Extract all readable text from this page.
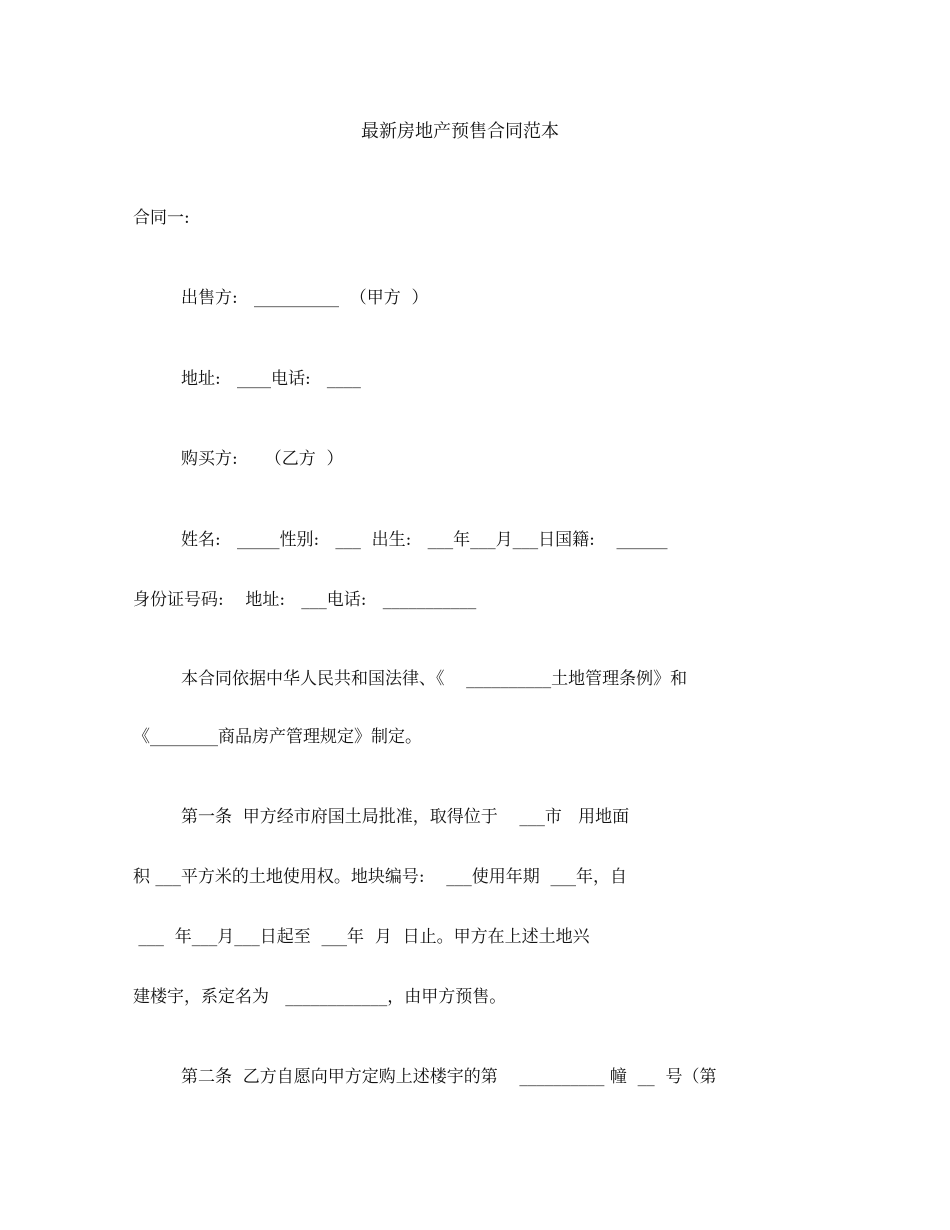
最新房地产预售合同范本
合同一:
出售方:   __________  （甲方  ）
地址:   ____电话:   ____
购买方:     （乙方  ）
姓名:   _____性别:   ___  出生:   ___年___月___日国籍:    ______
身份证号码:    地址:   ___电话:   ___________
本合同依据中华人民共和国法律、《    __________土地管理条例》和
《________商品房产管理规定》制定。
第一条  甲方经市府国土局批准，取得位于    ___市   用地面
积 ___平方米的土地使用权。地块编号:    ___使用年期  ___年，自
___  年___月___日起至  ___年  月  日止。甲方在上述土地兴
建楼宇，系定名为   ____________，由甲方预售。
第二条  乙方自愿向甲方定购上述楼宇的第    __________ 幢  __  号（第
